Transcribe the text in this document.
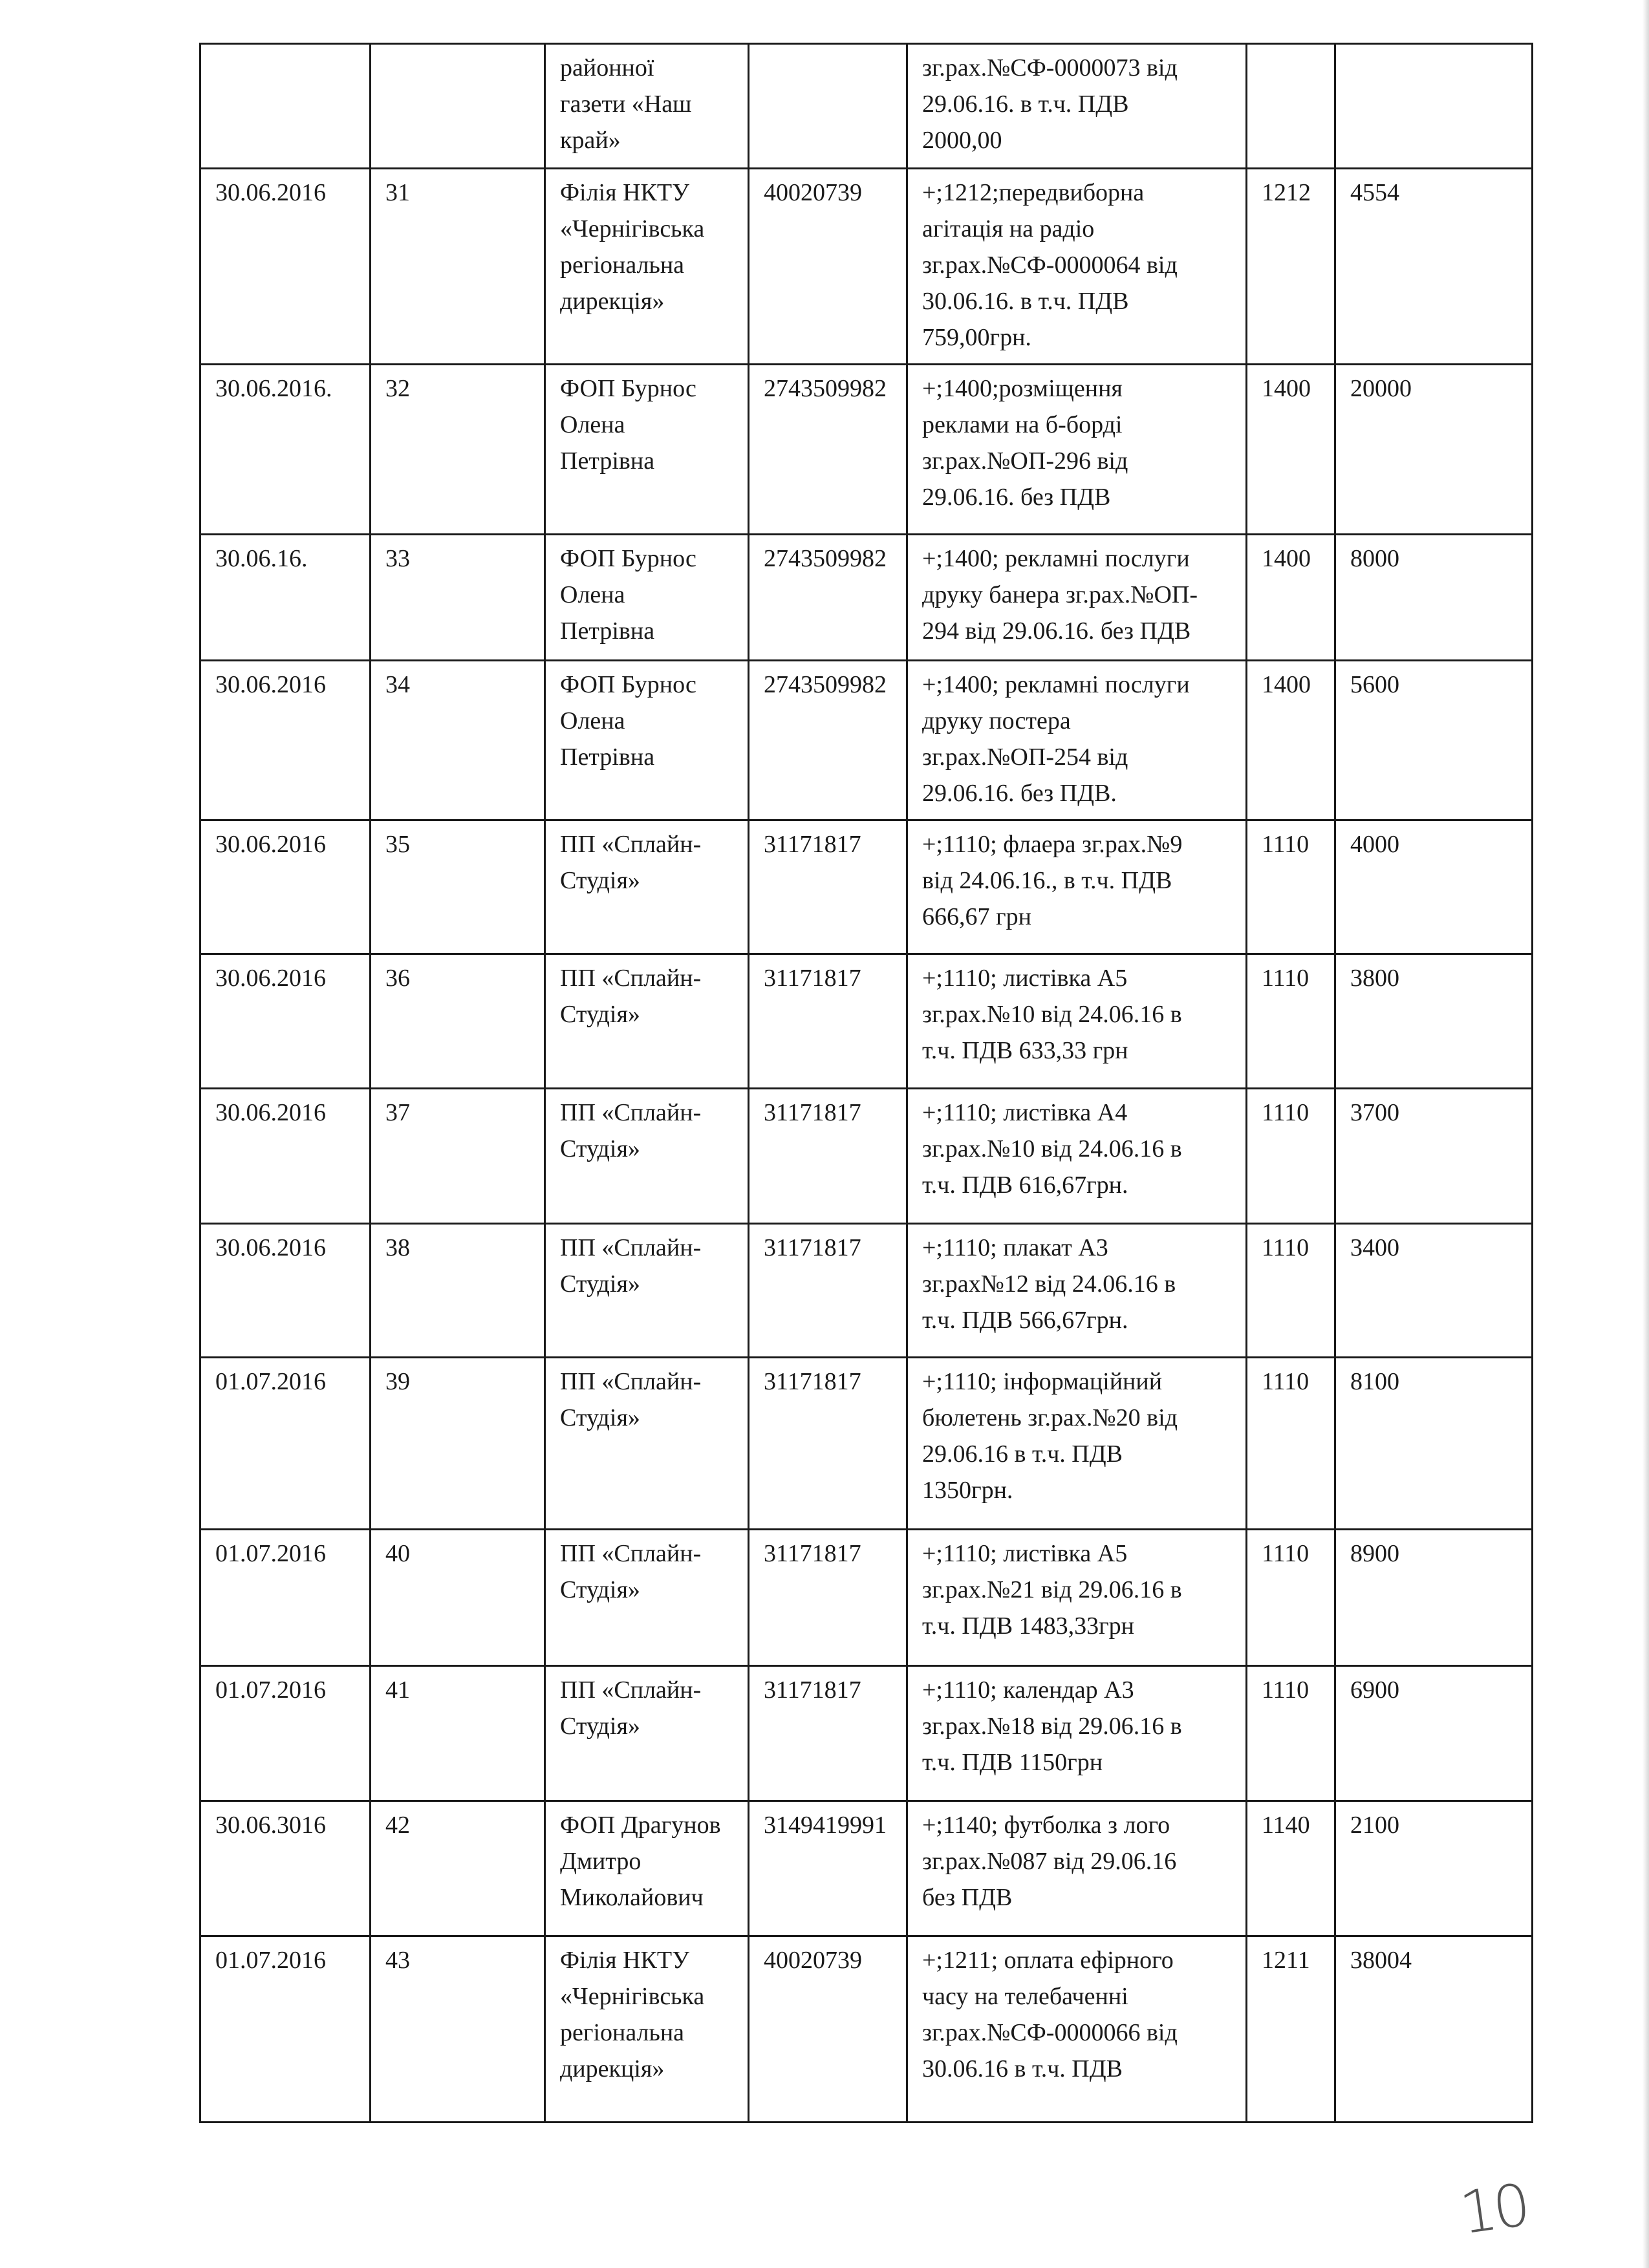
		районної
газети «Наш
край»		зг.рах.№СФ-0000073 від
29.06.16. в т.ч. ПДВ
2000,00		
30.06.2016	31	Філія НКТУ
«Чернігівська
регіональна
дирекція»	40020739	+;1212;передвиборна
агітація на радіо
зг.рах.№СФ-0000064 від
30.06.16. в т.ч. ПДВ
759,00грн.	1212	4554
30.06.2016.	32	ФОП Бурнос
Олена
Петрівна	2743509982	+;1400;розміщення
реклами на б-борді
зг.рах.№ОП-296 від
29.06.16. без ПДВ	1400	20000
30.06.16.	33	ФОП Бурнос
Олена
Петрівна	2743509982	+;1400; рекламні послуги
друку банера зг.рах.№ОП-
294 від 29.06.16. без ПДВ	1400	8000
30.06.2016	34	ФОП Бурнос
Олена
Петрівна	2743509982	+;1400; рекламні послуги
друку постера
зг.рах.№ОП-254 від
29.06.16. без ПДВ.	1400	5600
30.06.2016	35	ПП «Сплайн-
Студія»	31171817	+;1110; флаера зг.рах.№9
від 24.06.16., в т.ч. ПДВ
666,67 грн	1110	4000
30.06.2016	36	ПП «Сплайн-
Студія»	31171817	+;1110; листівка А5
зг.рах.№10 від 24.06.16 в
т.ч. ПДВ 633,33 грн	1110	3800
30.06.2016	37	ПП «Сплайн-
Студія»	31171817	+;1110; листівка А4
зг.рах.№10 від 24.06.16 в
т.ч. ПДВ 616,67грн.	1110	3700
30.06.2016	38	ПП «Сплайн-
Студія»	31171817	+;1110; плакат А3
зг.рах№12 від 24.06.16 в
т.ч. ПДВ 566,67грн.	1110	3400
01.07.2016	39	ПП «Сплайн-
Студія»	31171817	+;1110; інформаційний
бюлетень зг.рах.№20 від
29.06.16 в т.ч. ПДВ
1350грн.	1110	8100
01.07.2016	40	ПП «Сплайн-
Студія»	31171817	+;1110; листівка А5
зг.рах.№21 від 29.06.16 в
т.ч. ПДВ 1483,33грн	1110	8900
01.07.2016	41	ПП «Сплайн-
Студія»	31171817	+;1110; календар А3
зг.рах.№18 від 29.06.16 в
т.ч. ПДВ 1150грн	1110	6900
30.06.3016	42	ФОП Драгунов
Дмитро
Миколайович	3149419991	+;1140; футболка з лого
зг.рах.№087 від 29.06.16
без ПДВ	1140	2100
01.07.2016	43	Філія НКТУ
«Чернігівська
регіональна
дирекція»	40020739	+;1211; оплата ефірного
часу на телебаченні
зг.рах.№СФ-0000066 від
30.06.16 в т.ч. ПДВ	1211	38004
10
